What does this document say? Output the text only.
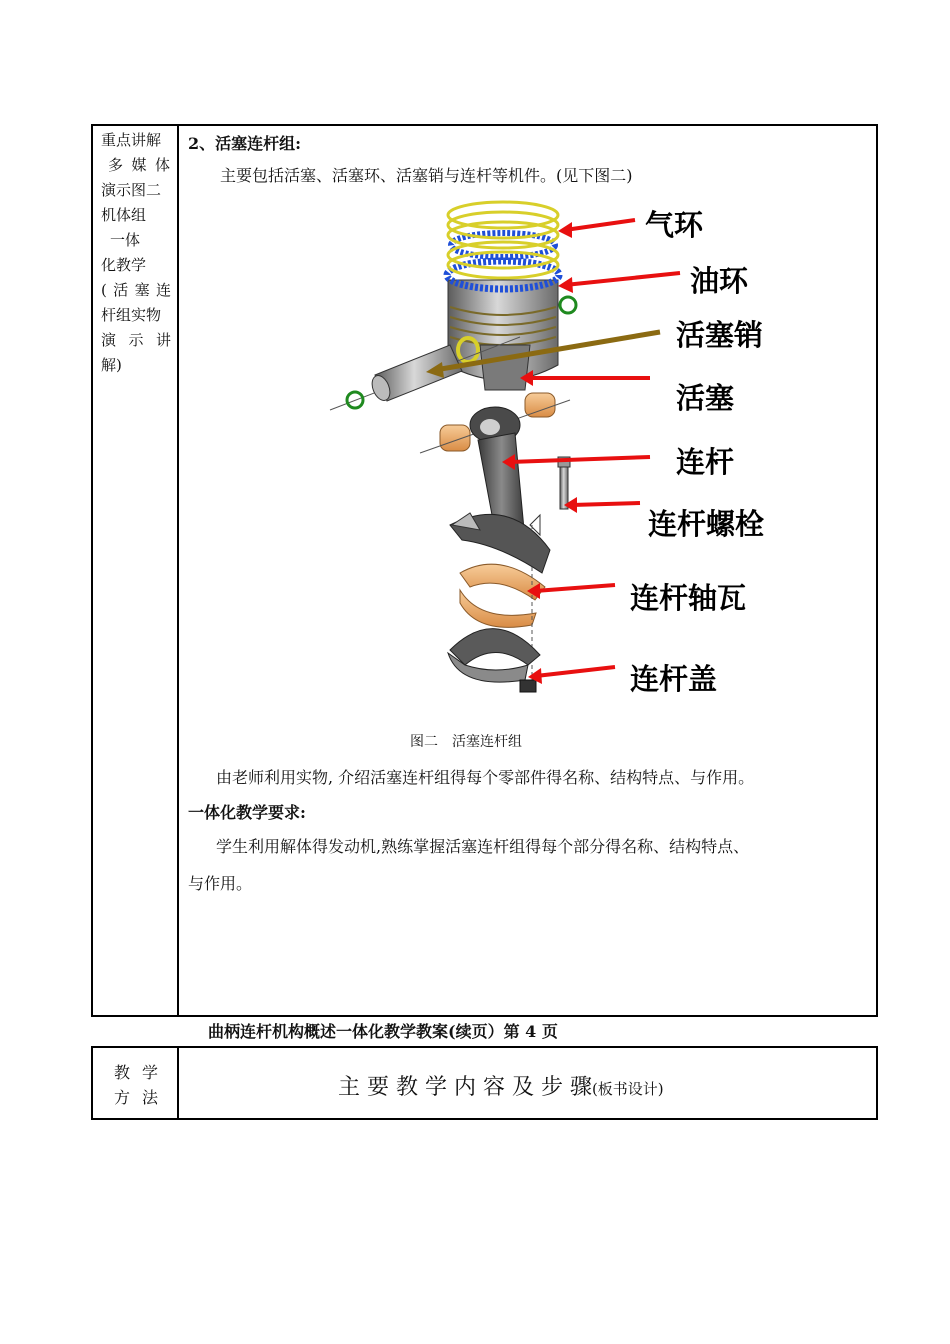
重点讲解
多 媒 体
演示图二
机体组
一体
化教学
( 活 塞 连
杆组实物
演 示 讲
解)
2、活塞连杆组:
主要包括活塞、活塞环、活塞销与连杆等机件。(见下图二)
气环
油环
活塞销
活塞
连杆
连杆螺栓
连杆轴瓦
连杆盖
图二　活塞连杆组
由老师利用实物, 介绍活塞连杆组得每个零部件得名称、结构特点、与作用。
一体化教学要求:
学生利用解体得发动机,熟练掌握活塞连杆组得每个部分得名称、结构特点、
与作用。
曲柄连杆机构概述一体化教学教案(续页）第 4 页
教 学
方 法	主 要 教 学 内 容 及 步 骤(板书设计)
